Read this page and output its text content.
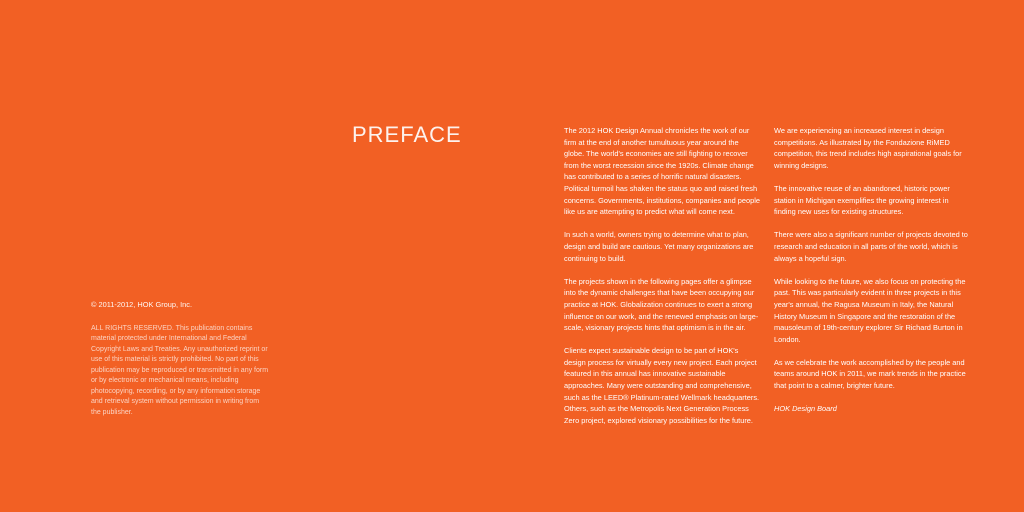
© 2011-2012, HOK Group, Inc.

ALL RIGHTS RESERVED. This publication contains material protected under International and Federal Copyright Laws and Treaties. Any unauthorized reprint or use of this material is strictly prohibited. No part of this publication may be reproduced or transmitted in any form or by electronic or mechanical means, including photocopying, recording, or by any information storage and retrieval system without permission in writing from the publisher.

PREFACE	The 2012 HOK Design Annual chronicles the work of our firm at the end of another tumultuous year around the globe. The world's economies are still fighting to recover from the worst recession since the 1920s. Climate change has contributed to a series of horrific natural disasters. Political turmoil has shaken the status quo and raised fresh concerns. Governments, institutions, companies and people like us are attempting to predict what will come next.

In such a world, owners trying to determine what to plan, design and build are cautious. Yet many organizations are continuing to build.

The projects shown in the following pages offer a glimpse into the dynamic challenges that have been occupying our practice at HOK. Globalization continues to exert a strong influence on our work, and the renewed emphasis on large-scale, visionary projects hints that optimism is in the air.

Clients expect sustainable design to be part of HOK's design process for virtually every new project. Each project featured in this annual has innovative sustainable approaches. Many were outstanding and comprehensive, such as the LEED® Platinum-rated Wellmark headquarters. Others, such as the Metropolis Next Generation Process Zero project, explored visionary possibilities for the future.

We are experiencing an increased interest in design competitions. As illustrated by the Fondazione RiMED competition, this trend includes high aspirational goals for winning designs.

The innovative reuse of an abandoned, historic power station in Michigan exemplifies the growing interest in finding new uses for existing structures.

There were also a significant number of projects devoted to research and education in all parts of the world, which is always a hopeful sign.

While looking to the future, we also focus on protecting the past. This was particularly evident in three projects in this year's annual, the Ragusa Museum in Italy, the Natural History Museum in Singapore and the restoration of the mausoleum of 19th-century explorer Sir Richard Burton in London.

As we celebrate the work accomplished by the people and teams around HOK in 2011, we mark trends in the practice that point to a calmer, brighter future.

HOK Design Board
